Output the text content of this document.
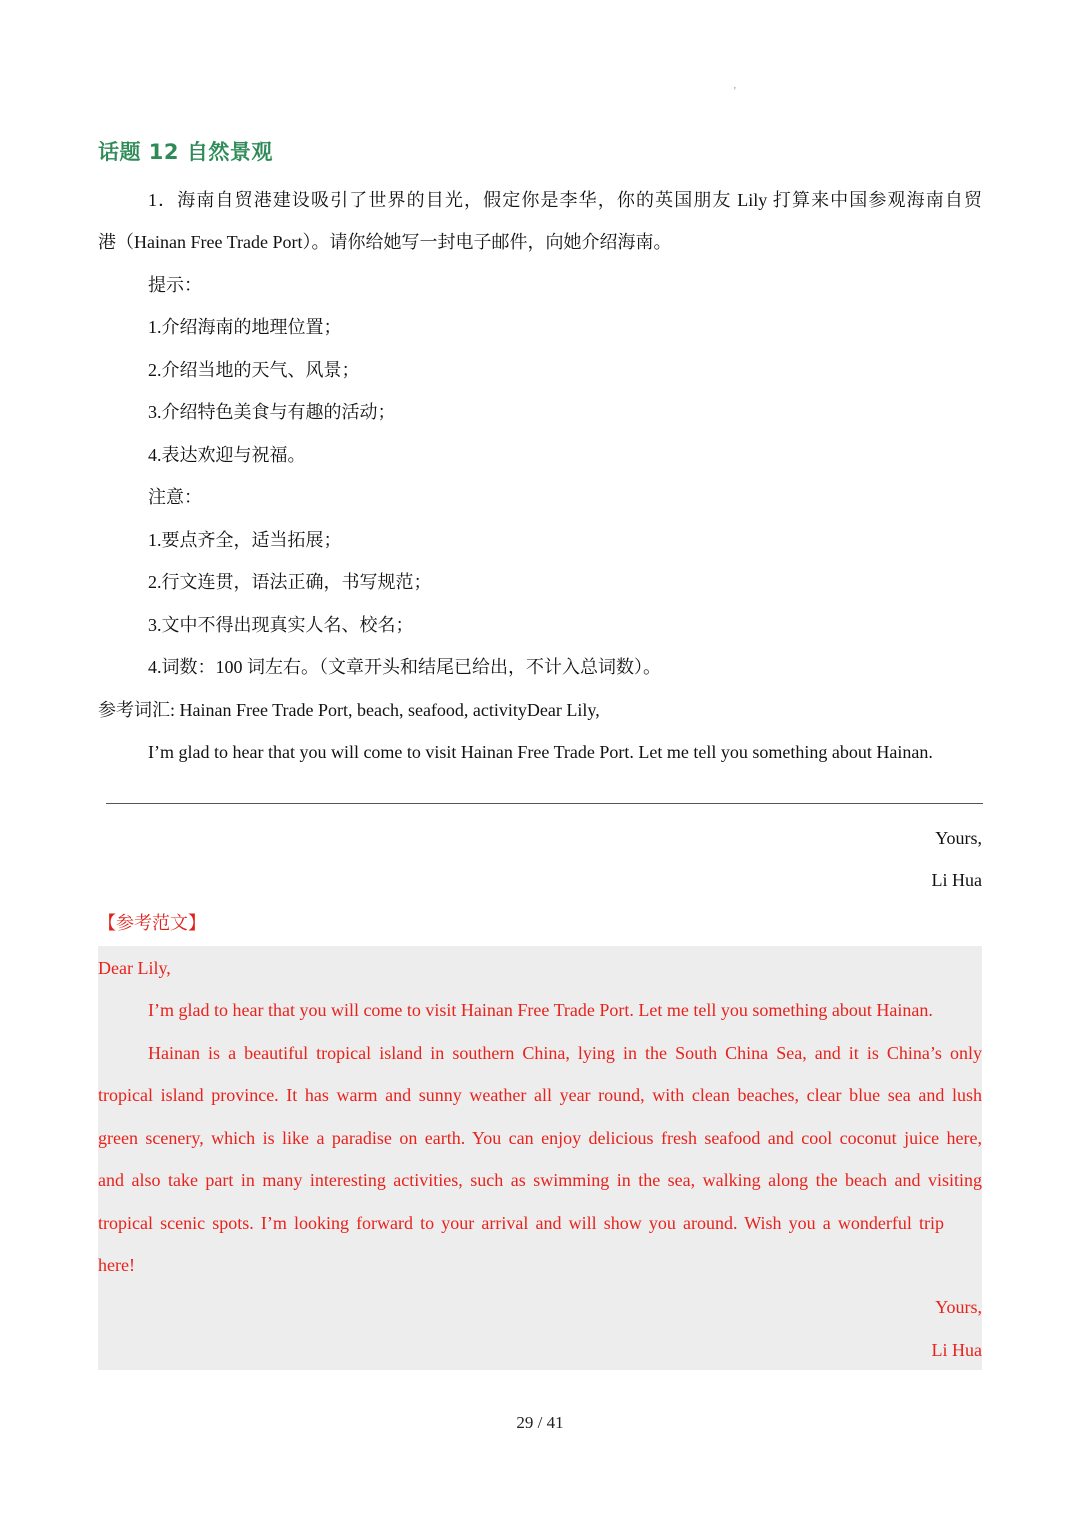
'
话题 12 自然景观
1．海南自贸港建设吸引了世界的目光，假定你是李华，你的英国朋友 Lily 打算来中国参观海南自贸
港（Hainan Free Trade Port）。请你给她写一封电子邮件，向她介绍海南。
提示：
1.介绍海南的地理位置；
2.介绍当地的天气、风景；
3.介绍特色美食与有趣的活动；
4.表达欢迎与祝福。
注意：
1.要点齐全，适当拓展；
2.行文连贯，语法正确，书写规范；
3.文中不得出现真实人名、校名；
4.词数：100 词左右。（文章开头和结尾已给出，不计入总词数）。
参考词汇: Hainan Free Trade Port, beach, seafood, activityDear Lily,
I’m glad to hear that you will come to visit Hainan Free Trade Port. Let me tell you something about Hainan.
Yours,
Li Hua
【参考范文】
Dear Lily,
I’m glad to hear that you will come to visit Hainan Free Trade Port. Let me tell you something about Hainan.
Hainan is a beautiful tropical island in southern China, lying in the South China Sea, and it is China’s only
tropical island province. It has warm and sunny weather all year round, with clean beaches, clear blue sea and lush
green scenery, which is like a paradise on earth. You can enjoy delicious fresh seafood and cool coconut juice here,
and also take part in many interesting activities, such as swimming in the sea, walking along the beach and visiting
tropical scenic spots. I’m looking forward to your arrival and will show you around. Wish you a wonderful trip
here!
Yours,
Li Hua
29 / 41
